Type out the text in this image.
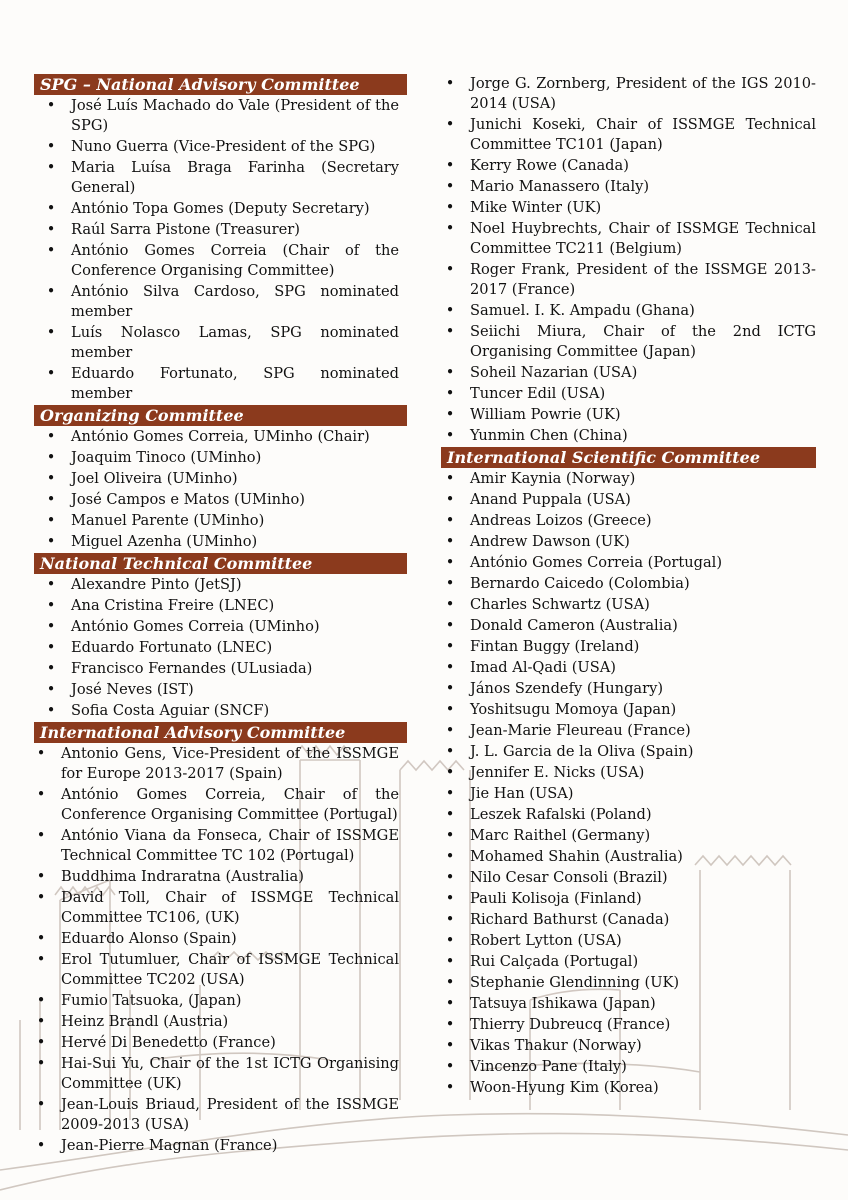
SPG – National Advisory Committee
• José Luís Machado do Vale (President of the SPG)
• Nuno Guerra (Vice-President of the SPG)
• Maria Luísa Braga Farinha (Secretary General)
• António Topa Gomes (Deputy Secretary)
• Raúl Sarra Pistone (Treasurer)
• António Gomes Correia (Chair of the Conference Organising Committee)
• António Silva Cardoso, SPG nominated member
• Luís Nolasco Lamas, SPG nominated member
• Eduardo Fortunato, SPG nominated member
Organizing Committee
• António Gomes Correia, UMinho (Chair)
• Joaquim Tinoco (UMinho)
• Joel Oliveira (UMinho)
• José Campos e Matos (UMinho)
• Manuel Parente (UMinho)
• Miguel Azenha (UMinho)
National Technical Committee
• Alexandre Pinto (JetSJ)
• Ana Cristina Freire (LNEC)
• António Gomes Correia (UMinho)
• Eduardo Fortunato (LNEC)
• Francisco Fernandes (ULusiada)
• José Neves (IST)
• Sofia Costa Aguiar (SNCF)
International Advisory Committee
• Antonio Gens, Vice-President of the ISSMGE for Europe 2013-2017 (Spain)
• António Gomes Correia, Chair of the Conference Organising Committee (Portugal)
• António Viana da Fonseca, Chair of ISSMGE Technical Committee TC 102 (Portugal)
• Buddhima Indraratna (Australia)
• David Toll, Chair of ISSMGE Technical Committee TC106, (UK)
• Eduardo Alonso (Spain)
• Erol Tutumluer, Chair of ISSMGE Technical Committee TC202 (USA)
• Fumio Tatsuoka, (Japan)
• Heinz Brandl (Austria)
• Hervé Di Benedetto (France)
• Hai-Sui Yu, Chair of the 1st ICTG Organising Committee (UK)
• Jean-Louis Briaud, President of the ISSMGE 2009-2013 (USA)
• Jean-Pierre Magnan (France)
• Jorge G. Zornberg, President of the IGS 2010-2014 (USA)
• Junichi Koseki, Chair of ISSMGE Technical Committee TC101 (Japan)
• Kerry Rowe (Canada)
• Mario Manassero (Italy)
• Mike Winter (UK)
• Noel Huybrechts, Chair of ISSMGE Technical Committee TC211 (Belgium)
• Roger Frank, President of the ISSMGE 2013-2017 (France)
• Samuel. I. K. Ampadu (Ghana)
• Seiichi Miura, Chair of the 2nd ICTG Organising Committee (Japan)
• Soheil Nazarian (USA)
• Tuncer Edil (USA)
• William Powrie (UK)
• Yunmin Chen (China)
International Scientific Committee
• Amir Kaynia (Norway)
• Anand Puppala (USA)
• Andreas Loizos (Greece)
• Andrew Dawson (UK)
• António Gomes Correia (Portugal)
• Bernardo Caicedo (Colombia)
• Charles Schwartz (USA)
• Donald Cameron (Australia)
• Fintan Buggy (Ireland)
• Imad Al-Qadi (USA)
• János Szendefy (Hungary)
• Yoshitsugu Momoya (Japan)
• Jean-Marie Fleureau (France)
• J. L. Garcia de la Oliva (Spain)
• Jennifer E. Nicks (USA)
• Jie Han (USA)
• Leszek Rafalski (Poland)
• Marc Raithel (Germany)
• Mohamed Shahin (Australia)
• Nilo Cesar Consoli (Brazil)
• Pauli Kolisoja (Finland)
• Richard Bathurst (Canada)
• Robert Lytton (USA)
• Rui Calçada (Portugal)
• Stephanie Glendinning (UK)
• Tatsuya Ishikawa (Japan)
• Thierry Dubreucq (France)
• Vikas Thakur (Norway)
• Vincenzo Pane (Italy)
• Woon-Hyung Kim (Korea)
